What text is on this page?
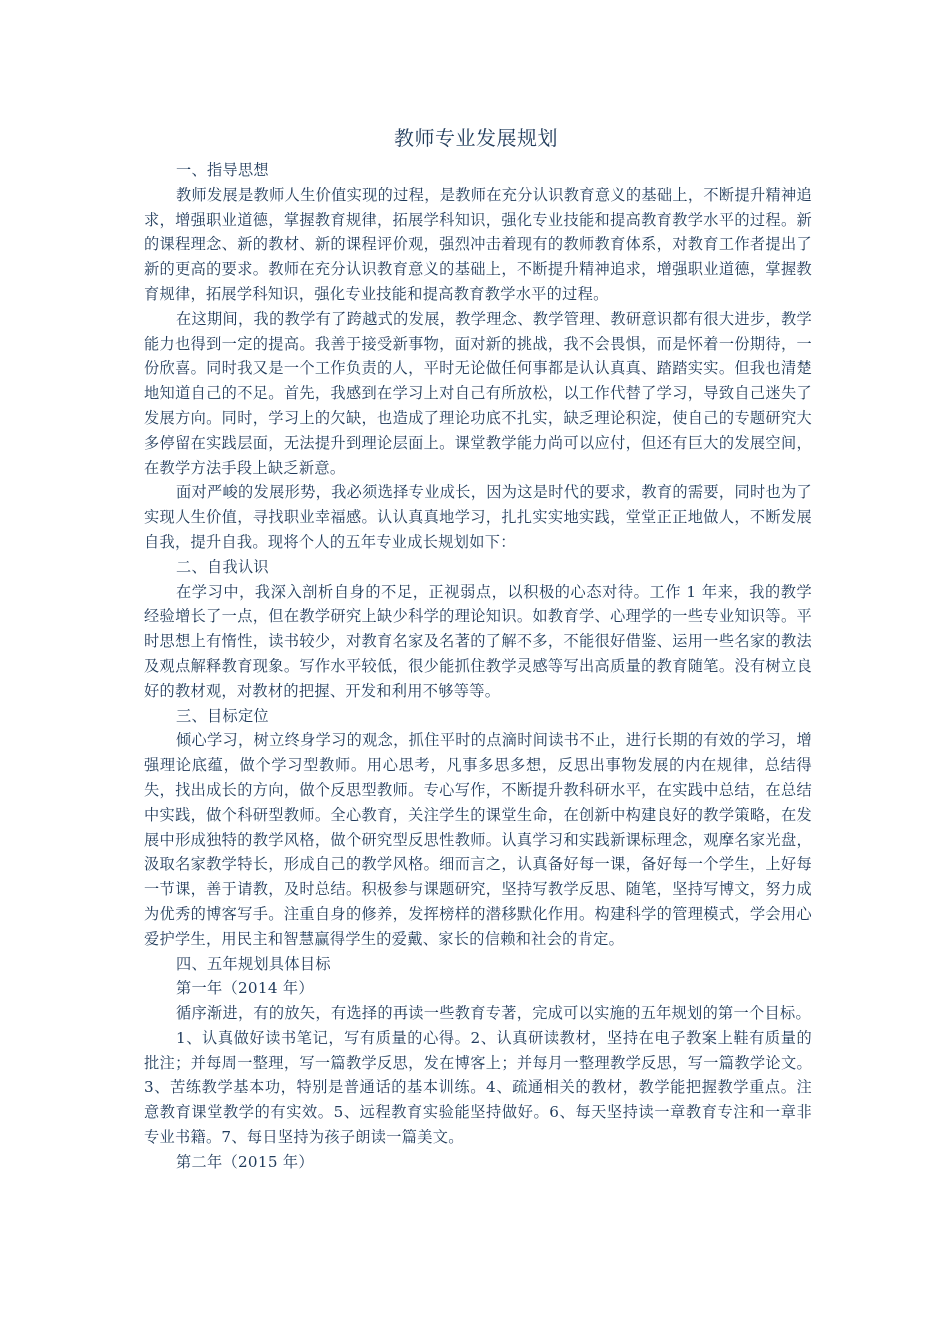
教师专业发展规划
一、指导思想

教师发展是教师人生价值实现的过程，是教师在充分认识教育意义的基础上，不断提升精神追求，增强职业道德，掌握教育规律，拓展学科知识，强化专业技能和提高教育教学水平的过程。新的课程理念、新的教材、新的课程评价观，强烈冲击着现有的教师教育体系，对教育工作者提出了新的更高的要求。教师在充分认识教育意义的基础上，不断提升精神追求，增强职业道德，掌握教育规律，拓展学科知识，强化专业技能和提高教育教学水平的过程。

在这期间，我的教学有了跨越式的发展，教学理念、教学管理、教研意识都有很大进步，教学能力也得到一定的提高。我善于接受新事物，面对新的挑战，我不会畏惧，而是怀着一份期待，一份欣喜。同时我又是一个工作负责的人，平时无论做任何事都是认认真真、踏踏实实。但我也清楚地知道自己的不足。首先，我感到在学习上对自己有所放松，以工作代替了学习，导致自己迷失了发展方向。同时，学习上的欠缺，也造成了理论功底不扎实，缺乏理论积淀，使自己的专题研究大多停留在实践层面，无法提升到理论层面上。课堂教学能力尚可以应付，但还有巨大的发展空间，在教学方法手段上缺乏新意。

面对严峻的发展形势，我必须选择专业成长，因为这是时代的要求，教育的需要，同时也为了实现人生价值，寻找职业幸福感。认认真真地学习，扎扎实实地实践，堂堂正正地做人，不断发展自我，提升自我。现将个人的五年专业成长规划如下：

二、自我认识

在学习中，我深入剖析自身的不足，正视弱点，以积极的心态对待。工作 1 年来，我的教学经验增长了一点，但在教学研究上缺少科学的理论知识。如教育学、心理学的一些专业知识等。平时思想上有惰性，读书较少，对教育名家及名著的了解不多，不能很好借鉴、运用一些名家的教法及观点解释教育现象。写作水平较低，很少能抓住教学灵感等写出高质量的教育随笔。没有树立良好的教材观，对教材的把握、开发和利用不够等等。

三、目标定位

倾心学习，树立终身学习的观念，抓住平时的点滴时间读书不止，进行长期的有效的学习，增强理论底蕴，做个学习型教师。用心思考，凡事多思多想，反思出事物发展的内在规律，总结得失，找出成长的方向，做个反思型教师。专心写作，不断提升教科研水平，在实践中总结，在总结中实践，做个科研型教师。全心教育，关注学生的课堂生命，在创新中构建良好的教学策略，在发展中形成独特的教学风格，做个研究型反思性教师。认真学习和实践新课标理念，观摩名家光盘，汲取名家教学特长，形成自己的教学风格。细而言之，认真备好每一课，备好每一个学生，上好每一节课，善于请教，及时总结。积极参与课题研究，坚持写教学反思、随笔，坚持写博文，努力成为优秀的博客写手。注重自身的修养，发挥榜样的潜移默化作用。构建科学的管理模式，学会用心爱护学生，用民主和智慧赢得学生的爱戴、家长的信赖和社会的肯定。

四、五年规划具体目标
第一年（2014 年）

循序渐进，有的放矢，有选择的再读一些教育专著，完成可以实施的五年规划的第一个目标。

1、认真做好读书笔记，写有质量的心得。2、认真研读教材，坚持在电子教案上鞋有质量的批注；并每周一整理，写一篇教学反思，发在博客上；并每月一整理教学反思，写一篇教学论文。3、苦练教学基本功，特别是普通话的基本训练。4、疏通相关的教材，教学能把握教学重点。注意教育课堂教学的有实效。5、远程教育实验能坚持做好。6、每天坚持读一章教育专注和一章非专业书籍。7、每日坚持为孩子朗读一篇美文。

第二年（2015 年）
